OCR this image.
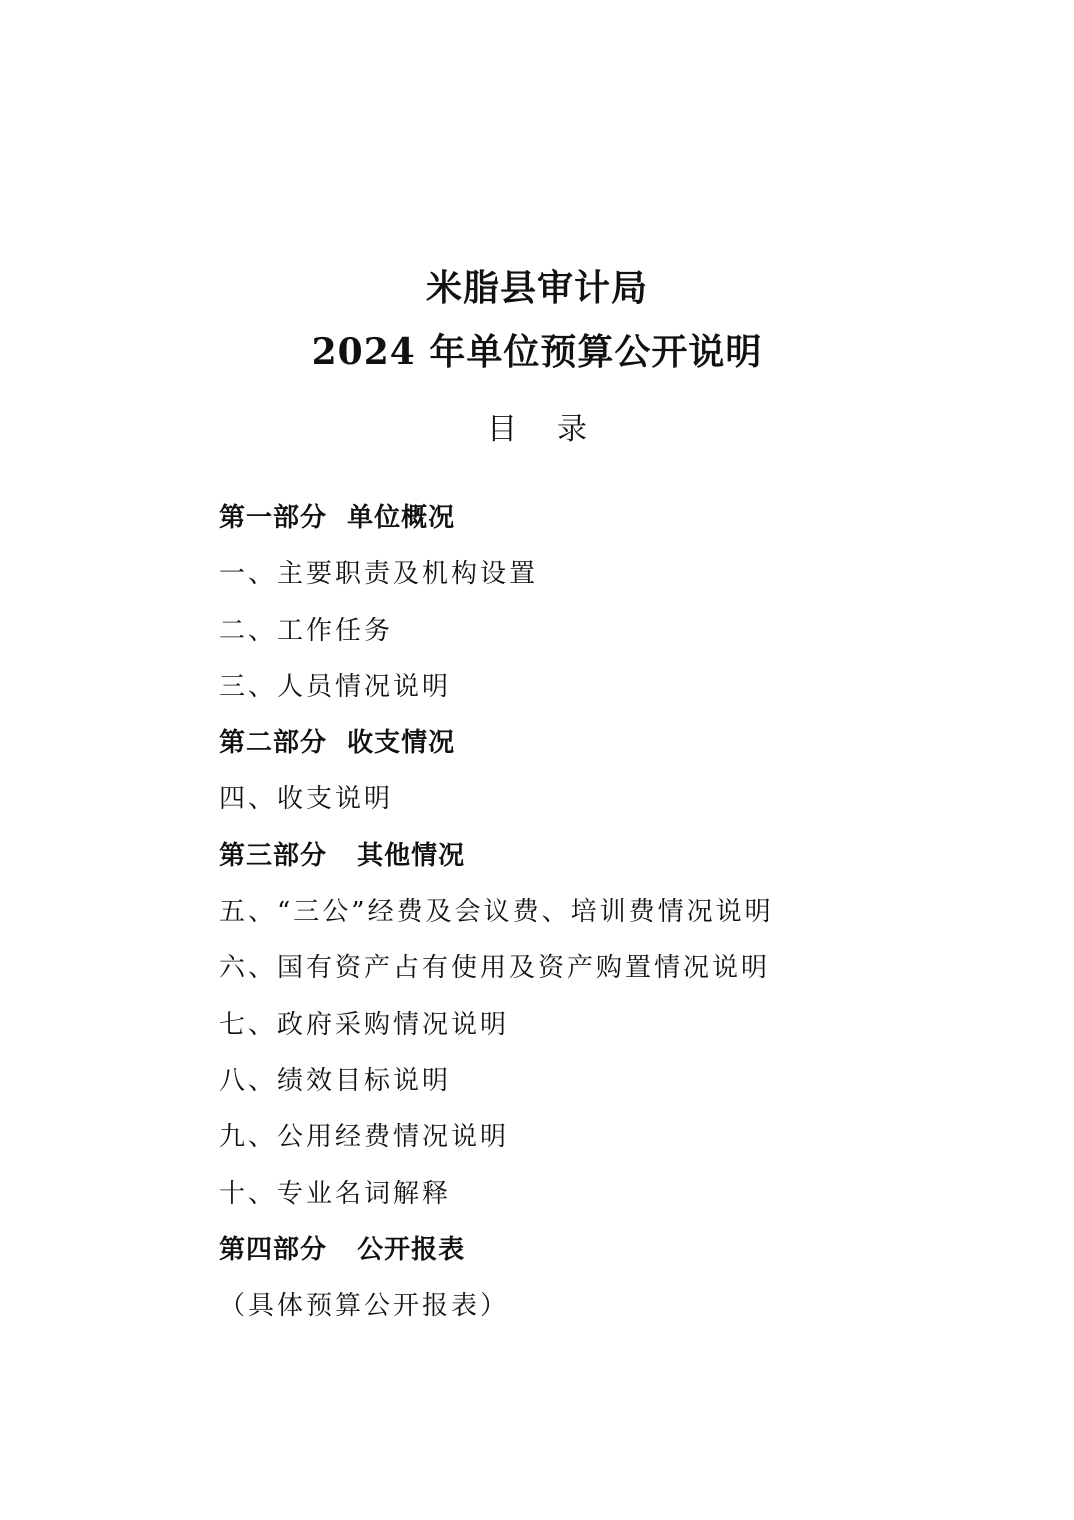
米脂县审计局
2024 年单位预算公开说明
目 录
第一部分  单位概况
一、主要职责及机构设置
二、工作任务
三、人员情况说明
第二部分  收支情况
四、收支说明
第三部分   其他情况
五、“三公”经费及会议费、培训费情况说明
六、国有资产占有使用及资产购置情况说明
七、政府采购情况说明
八、绩效目标说明
九、公用经费情况说明
十、专业名词解释
第四部分   公开报表
（具体预算公开报表）
